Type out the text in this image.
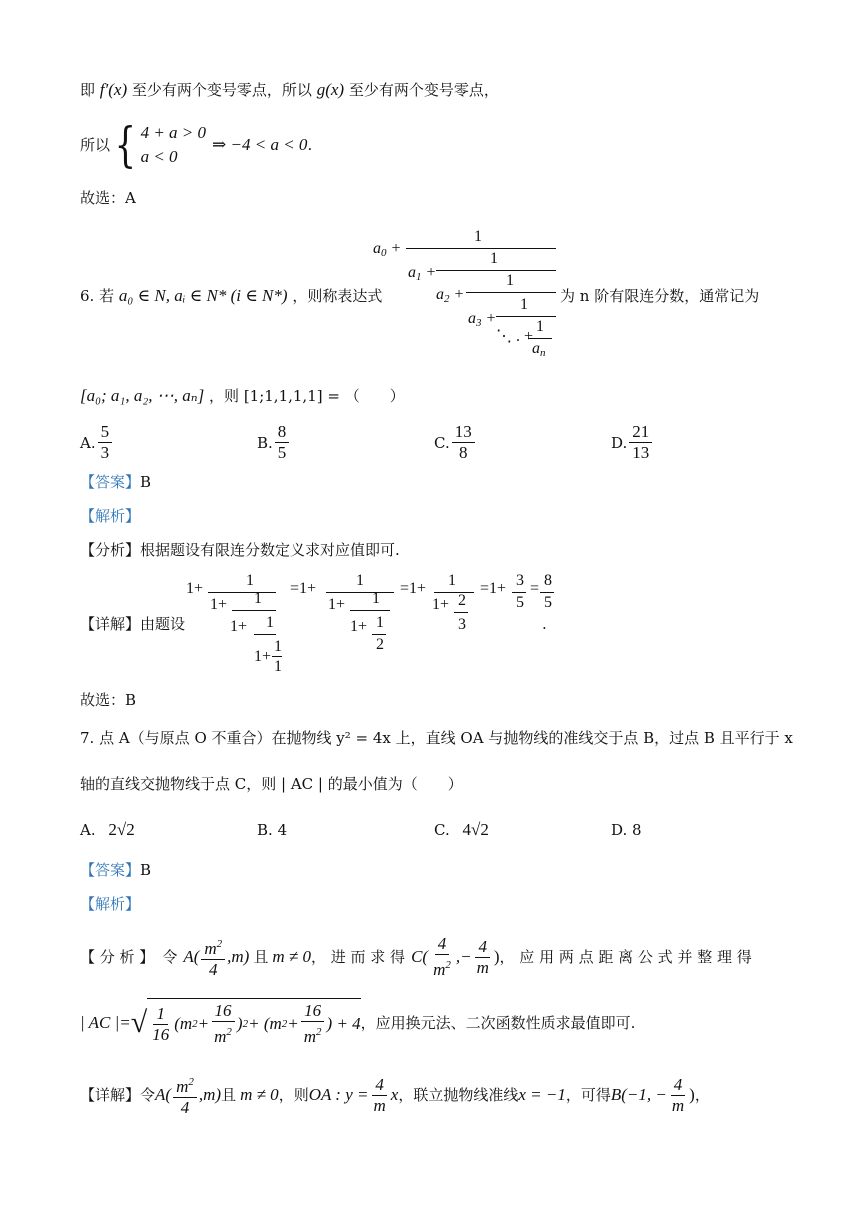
即 f′(x) 至少有两个变号零点，所以 g(x) 至少有两个变号零点，
所以 { 4 + a > 0
a < 0
⇒ −4 < a < 0 .
故选：A
$a_0$ +
1
$a_1$ +
1
$a_2$ +
1
$a_3$ +
1
⋱ . +
1
$a_n$
6. 若 a₀ ∈ N, aᵢ ∈ N* (i ∈ N*) ，则称表达式	为 n 阶有限连分数，通常记为
[a₀; a₁, a₂, ⋯, aₙ] ，则 [1;1,1,1,1] = （　　）
A. $\frac{5}{3}$	B. $\frac{8}{5}$	C. $\frac{13}{8}$	D. $\frac{21}{13}$
【答案】B
【解析】
【分析】根据题设有限连分数定义求对应值即可.
【详解】由题设
1+	1
1+ 1
1+ 1
1+
1
1
=1+ 1
1+ 1
1+ 1
2
=1+ 1
1+ 2
3
=1+ 3
5
= 8
5
.
故选：B
7. 点 A（与原点 O 不重合）在抛物线 y² = 4x 上，直线 OA 与抛物线的准线交于点 B，过点 B 且平行于 x
轴的直线交抛物线于点 C，则 | AC | 的最小值为（　　）
A. 2√2	B. 4	C. 4√2	D. 8
【答案】B
【解析】
【 分 析 】 令 $A( \frac{m^2}{4} ,m)$ 且 m ≠ 0 ， 进 而 求 得 $C( \frac{4}{m^2}$ ,− $\frac{4}{m}$ ) ， 应 用 两 点 距 离 公 式 并 整 理 得
| AC |= √ $\frac{1}{16} (m$ $2 + \frac{16}{m^2}$ ) 2 + (m $2 + \frac{16}{m^2}$ ) + 4 ，应用换元法、二次函数性质求最值即可.
【详解】 令 $A( \frac{m^2}{4} ,m)$ 且 m ≠ 0 ，则 OA : $y = \frac{4}{m}$ x ，联立抛物线准线 x = −1 ，可得 B(−1, − $\frac{4}{m}$ ) ，
